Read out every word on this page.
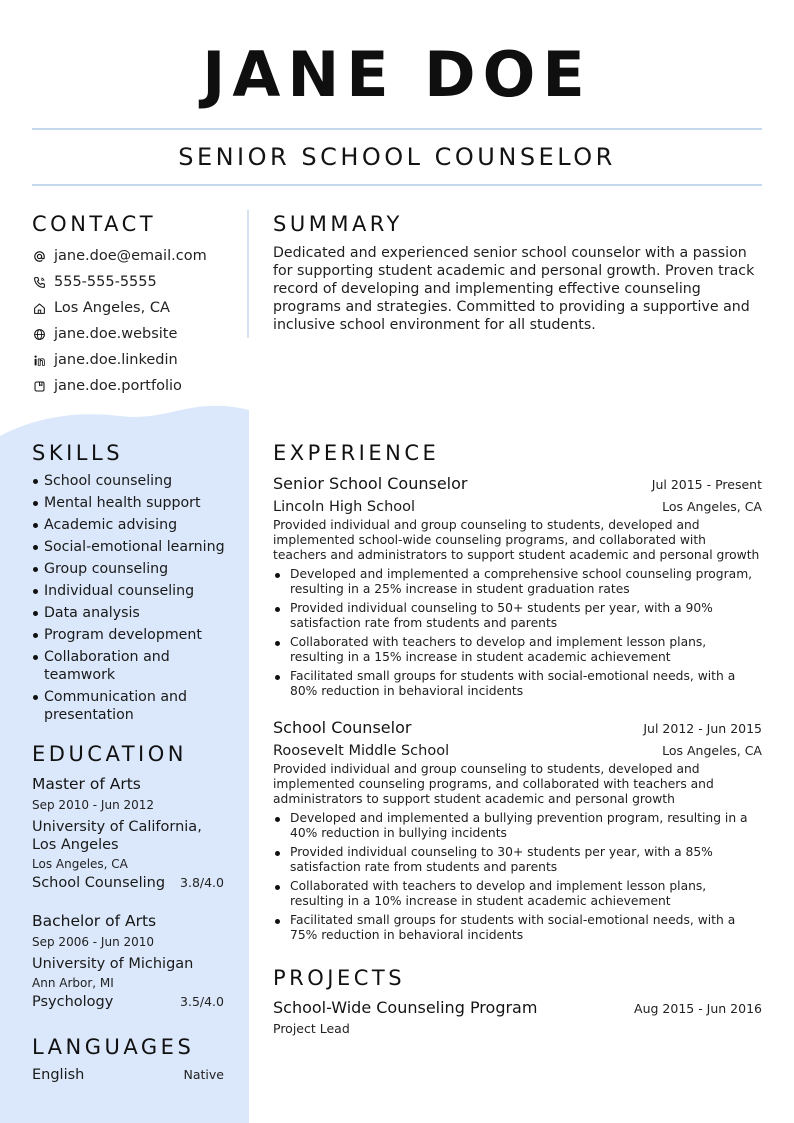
JANE DOE
SENIOR SCHOOL COUNSELOR
CONTACT
jane.doe@email.com
555-555-5555
Los Angeles, CA
jane.doe.website
jane.doe.linkedin
jane.doe.portfolio
SUMMARY
Dedicated and experienced senior school counselor with a passion for supporting student academic and personal growth. Proven track record of developing and implementing effective counseling programs and strategies. Committed to providing a supportive and inclusive school environment for all students.
SKILLS
School counseling
Mental health support
Academic advising
Social-emotional learning
Group counseling
Individual counseling
Data analysis
Program development
Collaboration and teamwork
Communication and presentation
EDUCATION
Master of Arts
Sep 2010 - Jun 2012
University of California, Los Angeles
Los Angeles, CA
School Counseling 3.8/4.0
Bachelor of Arts
Sep 2006 - Jun 2010
University of Michigan
Ann Arbor, MI
Psychology	3.5/4.0
LANGUAGES
English	Native
EXPERIENCE
Senior School Counselor	Jul 2015 - Present
Lincoln High School	Los Angeles, CA
Provided individual and group counseling to students, developed and implemented school-wide counseling programs, and collaborated with teachers and administrators to support student academic and personal growth
Developed and implemented a comprehensive school counseling program, resulting in a 25% increase in student graduation rates
Provided individual counseling to 50+ students per year, with a 90% satisfaction rate from students and parents
Collaborated with teachers to develop and implement lesson plans, resulting in a 15% increase in student academic achievement
Facilitated small groups for students with social-emotional needs, with a 80% reduction in behavioral incidents
School Counselor	Jul 2012 - Jun 2015
Roosevelt Middle School	Los Angeles, CA
Provided individual and group counseling to students, developed and implemented counseling programs, and collaborated with teachers and administrators to support student academic and personal growth
Developed and implemented a bullying prevention program, resulting in a 40% reduction in bullying incidents
Provided individual counseling to 30+ students per year, with a 85% satisfaction rate from students and parents
Collaborated with teachers to develop and implement lesson plans, resulting in a 10% increase in student academic achievement
Facilitated small groups for students with social-emotional needs, with a 75% reduction in behavioral incidents
PROJECTS
School-Wide Counseling Program	Aug 2015 - Jun 2016
Project Lead
